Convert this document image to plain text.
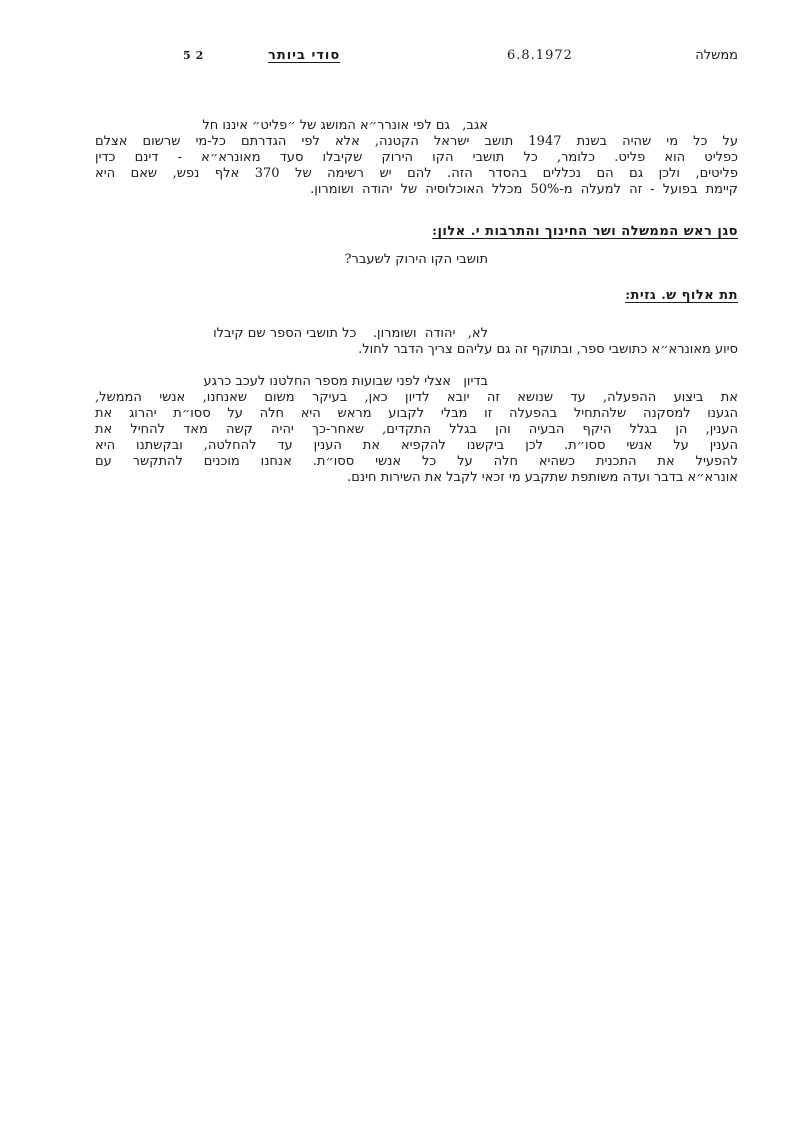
ממשלה
6.8.1972
סודי ביותר
52
אגב,   גם לפי אונרר״א המושג של ״פליט״ איננו חל
על כל מי שהיה בשנת 1947 תושב ישראל הקטנה, אלא לפי הגדרתם כל-מי שרשום אצלם
כפליט הוא פליט. כלומר, כל תושבי הקו הירוק שקיבלו סעד מאונרא״א - דינם כדין
פליטים, ולכן גם הם נכללים בהסדר הזה. להם יש רשימה של 370 אלף נפש, שאם היא
קיימת בפועל - זה למעלה מ-50% מכלל האוכלוסיה של יהודה ושומרון.
סגן ראש הממשלה ושר החינוך והתרבות י. אלון:
תושבי הקו הירוק לשעבר?
תת אלוף ש. גזית:
לא,   יהודה  ושומרון.    כל תושבי הספר שם קיבלו
סיוע מאונרא״א כתושבי ספר, ובתוקף זה גם עליהם צריך הדבר לחול.
בדיון   אצלי לפני שבועות מספר החלטנו לעכב כרגע
את ביצוע ההפעלה, עד שנושא זה יובא לדיון כאן, בעיקר משום שאנחנו, אנשי הממשל,
הגענו למסקנה שלהתחיל בהפעלה זו מבלי לקבוע מראש היא חלה על ססו״ת יהרוג את
הענין, הן בגלל היקף הבעיה והן בגלל התקדים, שאחר-כך יהיה קשה מאד להחיל את
הענין על אנשי ססו״ת. לכן ביקשנו להקפיא את הענין עד להחלטה, ובקשתנו היא
להפעיל את התכנית כשהיא חלה על כל אנשי ססו״ת. אנחנו מוכנים להתקשר עם
אונרא״א בדבר ועדה משותפת שתקבע מי זכאי לקבל את השירות חינם.
